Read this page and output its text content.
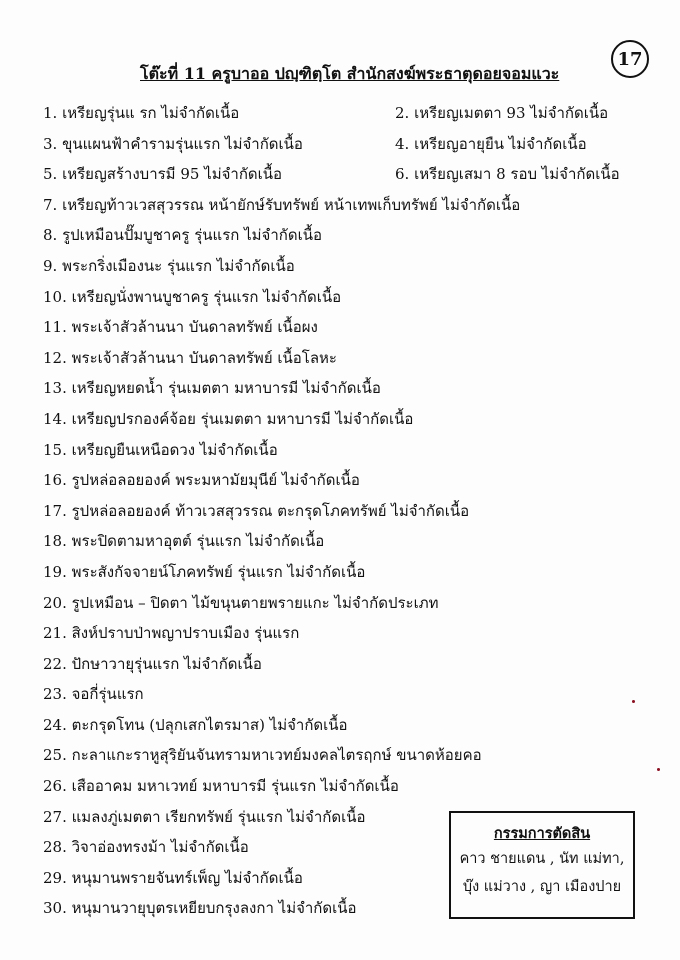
17
โต๊ะที่ 11 ครูบาออ ปญฺฑิตฺโต สำนักสงฆ์พระธาตุดอยจอมแวะ
1. เหรียญรุ่นแ รก ไม่จำกัดเนื้อ	2. เหรียญเมตตา 93 ไม่จำกัดเนื้อ
3. ขุนแผนฟ้าคำรามรุ่นแรก ไม่จำกัดเนื้อ	4. เหรียญอายุยืน ไม่จำกัดเนื้อ
5. เหรียญสร้างบารมี 95 ไม่จำกัดเนื้อ	6. เหรียญเสมา 8 รอบ ไม่จำกัดเนื้อ
7. เหรียญท้าวเวสสุวรรณ หน้ายักษ์รับทรัพย์ หน้าเทพเก็บทรัพย์ ไม่จำกัดเนื้อ
8. รูปเหมือนปั๊มบูชาครู รุ่นแรก ไม่จำกัดเนื้อ
9. พระกริ่งเมืองนะ รุ่นแรก ไม่จำกัดเนื้อ
10. เหรียญนั่งพานบูชาครู รุ่นแรก ไม่จำกัดเนื้อ
11. พระเจ้าสัวล้านนา บันดาลทรัพย์ เนื้อผง
12. พระเจ้าสัวล้านนา บันดาลทรัพย์ เนื้อโลหะ
13. เหรียญหยดน้ำ รุ่นเมตตา มหาบารมี ไม่จำกัดเนื้อ
14. เหรียญปรกองค์จ้อย รุ่นเมตตา มหาบารมี ไม่จำกัดเนื้อ
15. เหรียญยืนเหนือดวง ไม่จำกัดเนื้อ
16. รูปหล่อลอยองค์ พระมหามัยมุนีย์ ไม่จำกัดเนื้อ
17. รูปหล่อลอยองค์ ท้าวเวสสุวรรณ ตะกรุดโภคทรัพย์ ไม่จำกัดเนื้อ
18. พระปิดตามหาอุตต์ รุ่นแรก ไม่จำกัดเนื้อ
19. พระสังกัจจายน์โภคทรัพย์ รุ่นแรก ไม่จำกัดเนื้อ
20. รูปเหมือน – ปิดตา ไม้ขนุนตายพรายแกะ ไม่จำกัดประเภท
21. สิงห์ปราบป่าพญาปราบเมือง รุ่นแรก
22. ปักษาวายุรุ่นแรก ไม่จำกัดเนื้อ
23. จอกี่รุ่นแรก
24. ตะกรุดโทน (ปลุกเสกไตรมาส) ไม่จำกัดเนื้อ
25. กะลาแกะราหูสุริยันจันทรามหาเวทย์มงคลไตรฤกษ์ ขนาดห้อยคอ
26. เสืออาคม มหาเวทย์ มหาบารมี รุ่นแรก ไม่จำกัดเนื้อ
27. แมลงภู่เมตตา เรียกทรัพย์ รุ่นแรก ไม่จำกัดเนื้อ
28. วิจาอ่องทรงม้า ไม่จำกัดเนื้อ
29. หนุมานพรายจันทร์เพ็ญ ไม่จำกัดเนื้อ
30. หนุมานวายุบุตรเหยียบกรุงลงกา ไม่จำกัดเนื้อ
กรรมการตัดสิน
คาว ชายแดน , นัท แม่ทา,
บุ๊ง แม่วาง , ญา เมืองปาย
